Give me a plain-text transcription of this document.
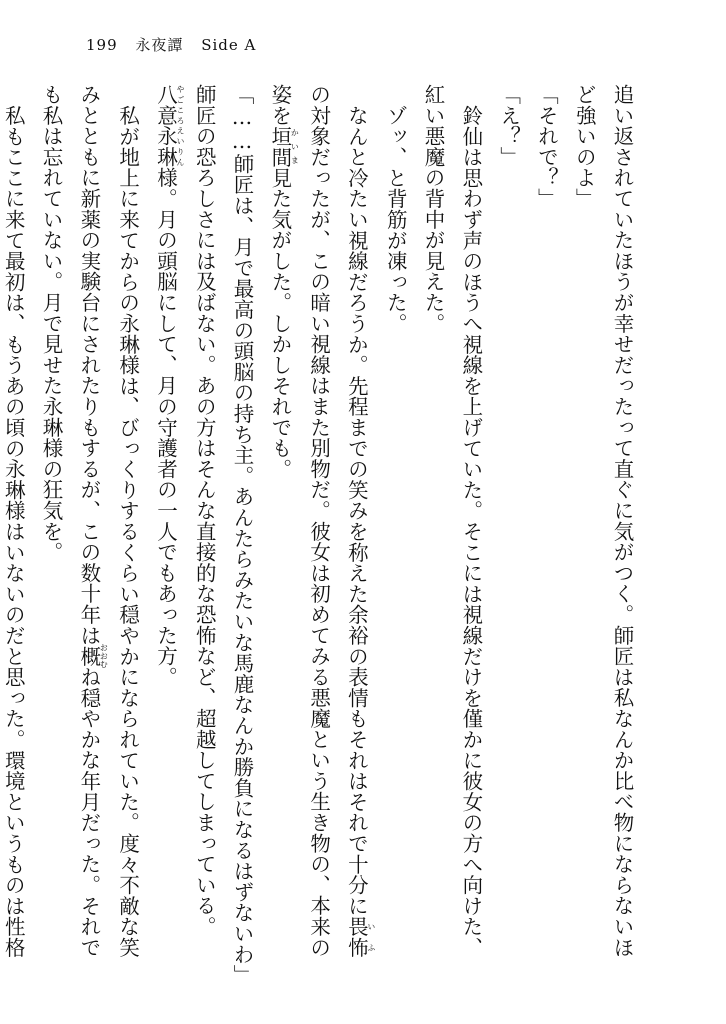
199 永夜譚 Side A

追い返されていたほうが幸せだったって直ぐに気がつく。師匠は私なんか比べ物にならないほ

ど強いのよ」

「それで？」

「え？」

鈴仙は思わず声のほうへ視線を上げていた。そこには視線だけを僅かに彼女の方へ向けた、

紅い悪魔の背中が見えた。

ゾッ、と背筋が凍った。

なんと冷たい視線だろうか。先程までの笑みを称えた余裕の表情もそれはそれで十分に畏怖いふ

の対象だったが、この暗い視線はまた別物だ。彼女は初めてみる悪魔という生き物の、本来の

姿を垣間かいま見た気がした。しかしそれでも。

「……師匠は、月で最高の頭脳の持ち主。あんたらみたいな馬鹿なんか勝負になるはずないわ」

師匠の恐ろしさには及ばない。あの方はそんな直接的な恐怖など、超越してしまっている。

八意永琳やごころえいりん様。月の頭脳にして、月の守護者の一人でもあった方。

私が地上に来てからの永琳様は、びっくりするくらい穏やかになられていた。度々不敵な笑

みとともに新薬の実験台にされたりもするが、この数十年は概おおむね穏やかな年月だった。それで

も私は忘れていない。月で見せた永琳様の狂気を。

私もここに来て最初は、もうあの頃の永琳様はいないのだと思った。環境というものは性格
